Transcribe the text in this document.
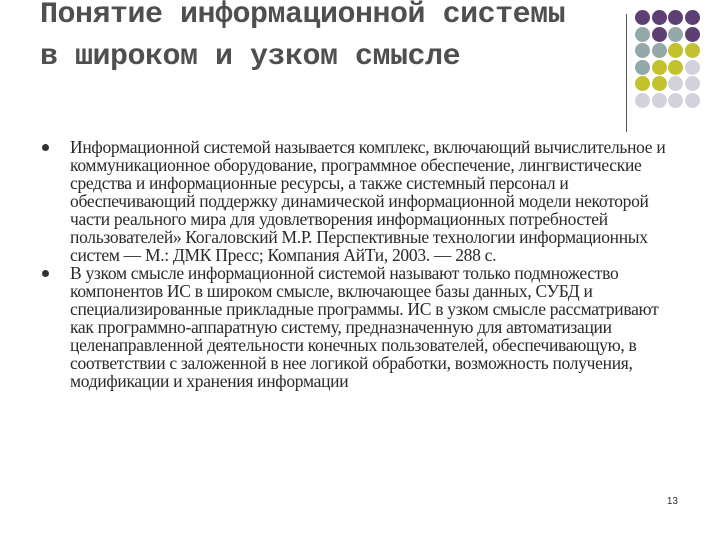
Понятие информационной системы в широком и узком смысле
Информационной системой называется комплекс, включающий вычислительное и коммуникационное оборудование, программное обеспечение, лингвистические средства и информационные ресурсы, а также системный персонал и обеспечивающий поддержку динамической информационной модели некоторой части реального мира для удовлетворения информационных потребностей пользователей» Когаловский М.Р. Перспективные технологии информационных систем — М.: ДМК Пресс; Компания АйТи, 2003. — 288 с.
В узком смысле информационной системой называют только подмножество компонентов ИС в широком смысле, включающее базы данных, СУБД и специализированные прикладные программы. ИС в узком смысле рассматривают как программно-аппаратную систему, предназначенную для автоматизации целенаправленной деятельности конечных пользователей, обеспечивающую, в соответствии с заложенной в нее логикой обработки, возможность получения, модификации и хранения информации
13
